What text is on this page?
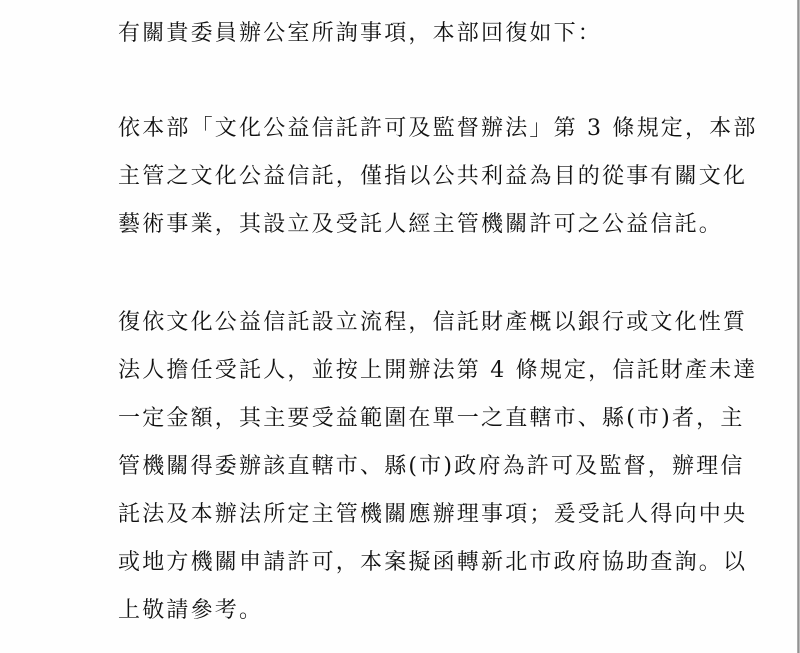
有關貴委員辦公室所詢事項，本部回復如下：
依本部「文化公益信託許可及監督辦法」第 3 條規定，本部
主管之文化公益信託，僅指以公共利益為目的從事有關文化
藝術事業，其設立及受託人經主管機關許可之公益信託。
復依文化公益信託設立流程，信託財產概以銀行或文化性質
法人擔任受託人，並按上開辦法第 4 條規定，信託財產未達
一定金額，其主要受益範圍在單一之直轄市、縣(市)者，主
管機關得委辦該直轄市、縣(市)政府為許可及監督，辦理信
託法及本辦法所定主管機關應辦理事項；爰受託人得向中央
或地方機關申請許可，本案擬函轉新北市政府協助查詢。以
上敬請參考。
